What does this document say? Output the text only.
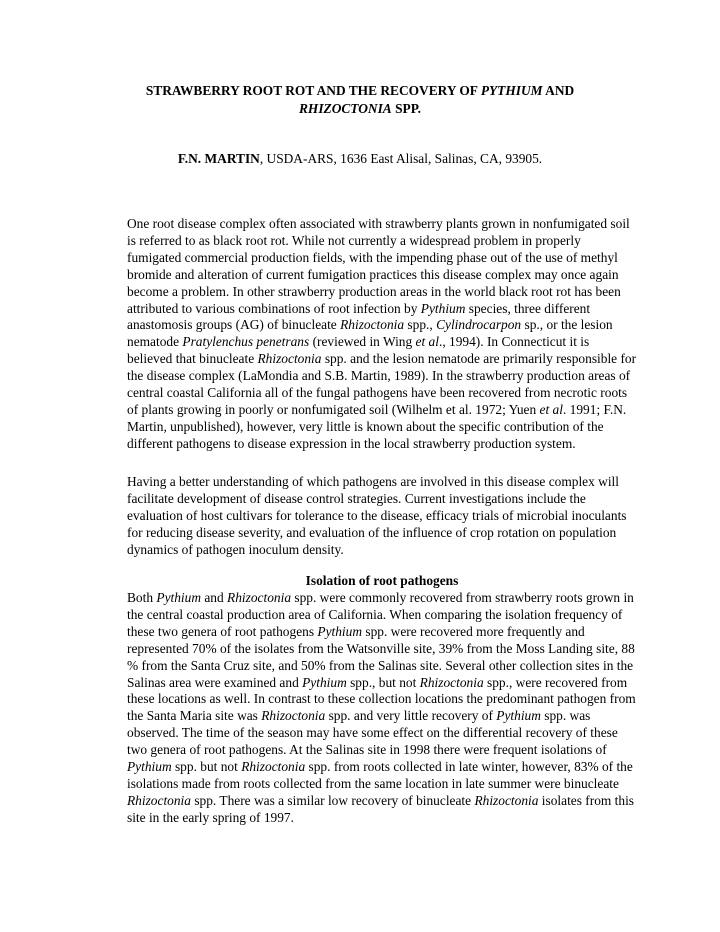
STRAWBERRY ROOT ROT AND THE RECOVERY OF PYTHIUM AND
RHIZOCTONIA SPP.
F.N. MARTIN, USDA-ARS, 1636 East Alisal, Salinas, CA, 93905.

One root disease complex often associated with strawberry plants grown in nonfumigated soil is referred to as black root rot. While not currently a widespread problem in properly fumigated commercial production fields, with the impending phase out of the use of methyl bromide and alteration of current fumigation practices this disease complex may once again become a problem. In other strawberry production areas in the world black root rot has been attributed to various combinations of root infection by Pythium species, three different anastomosis groups (AG) of binucleate Rhizoctonia spp., Cylindrocarpon sp., or the lesion nematode Pratylenchus penetrans (reviewed in Wing et al., 1994). In Connecticut it is believed that binucleate Rhizoctonia spp. and the lesion nematode are primarily responsible for the disease complex (LaMondia and S.B. Martin, 1989). In the strawberry production areas of central coastal California all of the fungal pathogens have been recovered from necrotic roots of plants growing in poorly or nonfumigated soil (Wilhelm et al. 1972; Yuen et al. 1991; F.N. Martin, unpublished), however, very little is known about the specific contribution of the different pathogens to disease expression in the local strawberry production system.

Having a better understanding of which pathogens are involved in this disease complex will facilitate development of disease control strategies. Current investigations include the evaluation of host cultivars for tolerance to the disease, efficacy trials of microbial inoculants for reducing disease severity, and evaluation of the influence of crop rotation on population dynamics of pathogen inoculum density.

Isolation of root pathogens

Both Pythium and Rhizoctonia spp. were commonly recovered from strawberry roots grown in the central coastal production area of California. When comparing the isolation frequency of these two genera of root pathogens Pythium spp. were recovered more frequently and represented 70% of the isolates from the Watsonville site, 39% from the Moss Landing site, 88 % from the Santa Cruz site, and 50% from the Salinas site. Several other collection sites in the Salinas area were examined and Pythium spp., but not Rhizoctonia spp., were recovered from these locations as well. In contrast to these collection locations the predominant pathogen from the Santa Maria site was Rhizoctonia spp. and very little recovery of Pythium spp. was observed. The time of the season may have some effect on the differential recovery of these two genera of root pathogens. At the Salinas site in 1998 there were frequent isolations of Pythium spp. but not Rhizoctonia spp. from roots collected in late winter, however, 83% of the isolations made from roots collected from the same location in late summer were binucleate Rhizoctonia spp. There was a similar low recovery of binucleate Rhizoctonia isolates from this site in the early spring of 1997.
